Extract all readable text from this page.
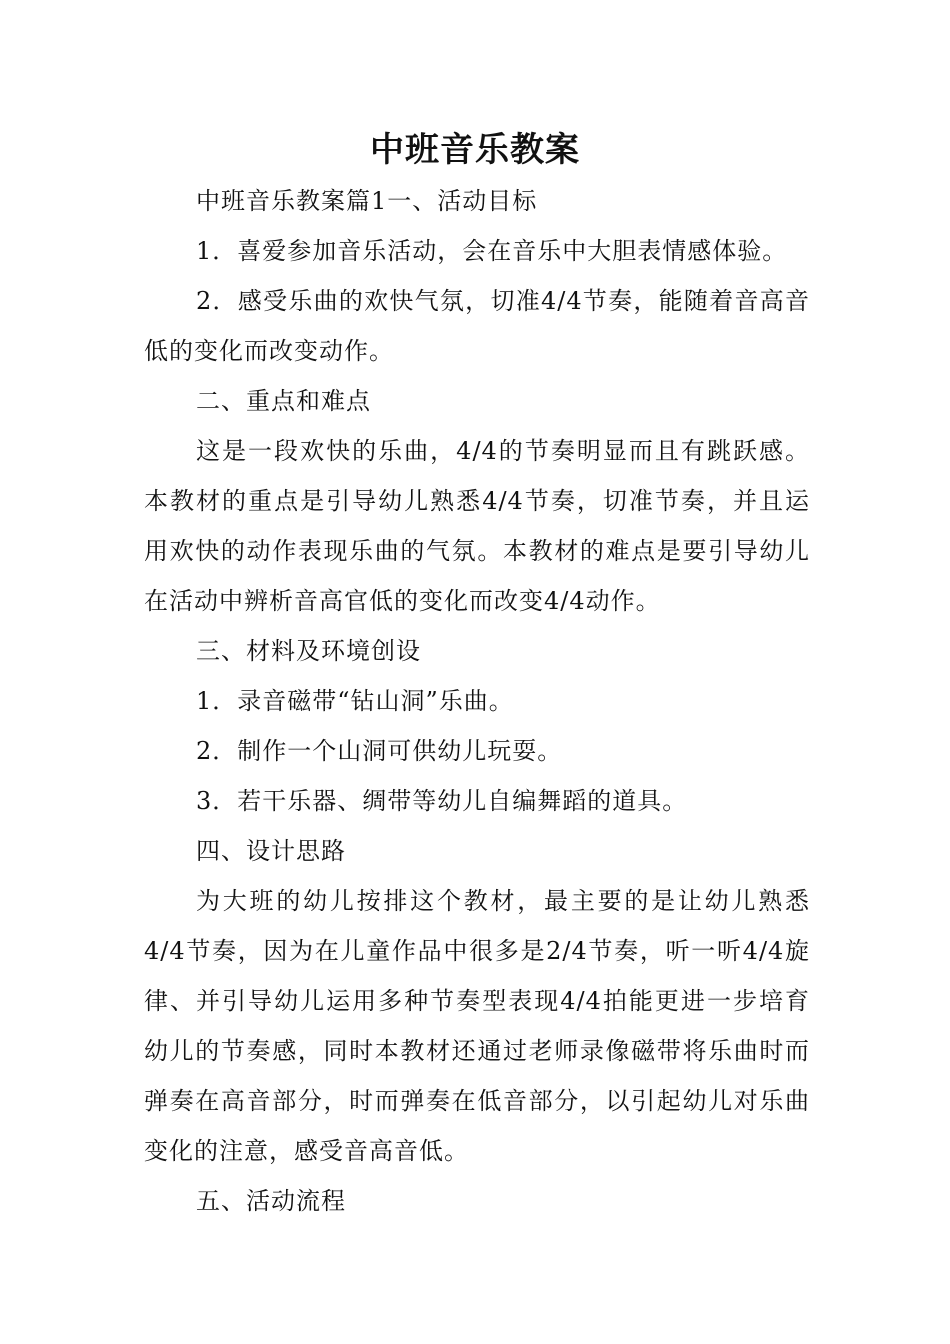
中班音乐教案

中班音乐教案篇1一、活动目标

1．喜爱参加音乐活动，会在音乐中大胆表情感体验。

2．感受乐曲的欢快气氛，切准4/4节奏，能随着音高音低的变化而改变动作。

二、重点和难点

这是一段欢快的乐曲，4/4的节奏明显而且有跳跃感。本教材的重点是引导幼儿熟悉4/4节奏，切准节奏，并且运用欢快的动作表现乐曲的气氛。本教材的难点是要引导幼儿在活动中辨析音高官低的变化而改变4/4动作。

三、材料及环境创设

1．录音磁带“钻山洞”乐曲。

2．制作一个山洞可供幼儿玩耍。

3．若干乐器、绸带等幼儿自编舞蹈的道具。

四、设计思路

为大班的幼儿按排这个教材，最主要的是让幼儿熟悉4/4节奏，因为在儿童作品中很多是2/4节奏，听一听4/4旋律、并引导幼儿运用多种节奏型表现4/4拍能更进一步培育幼儿的节奏感，同时本教材还通过老师录像磁带将乐曲时而弹奏在高音部分，时而弹奏在低音部分，以引起幼儿对乐曲变化的注意，感受音高音低。

五、活动流程
